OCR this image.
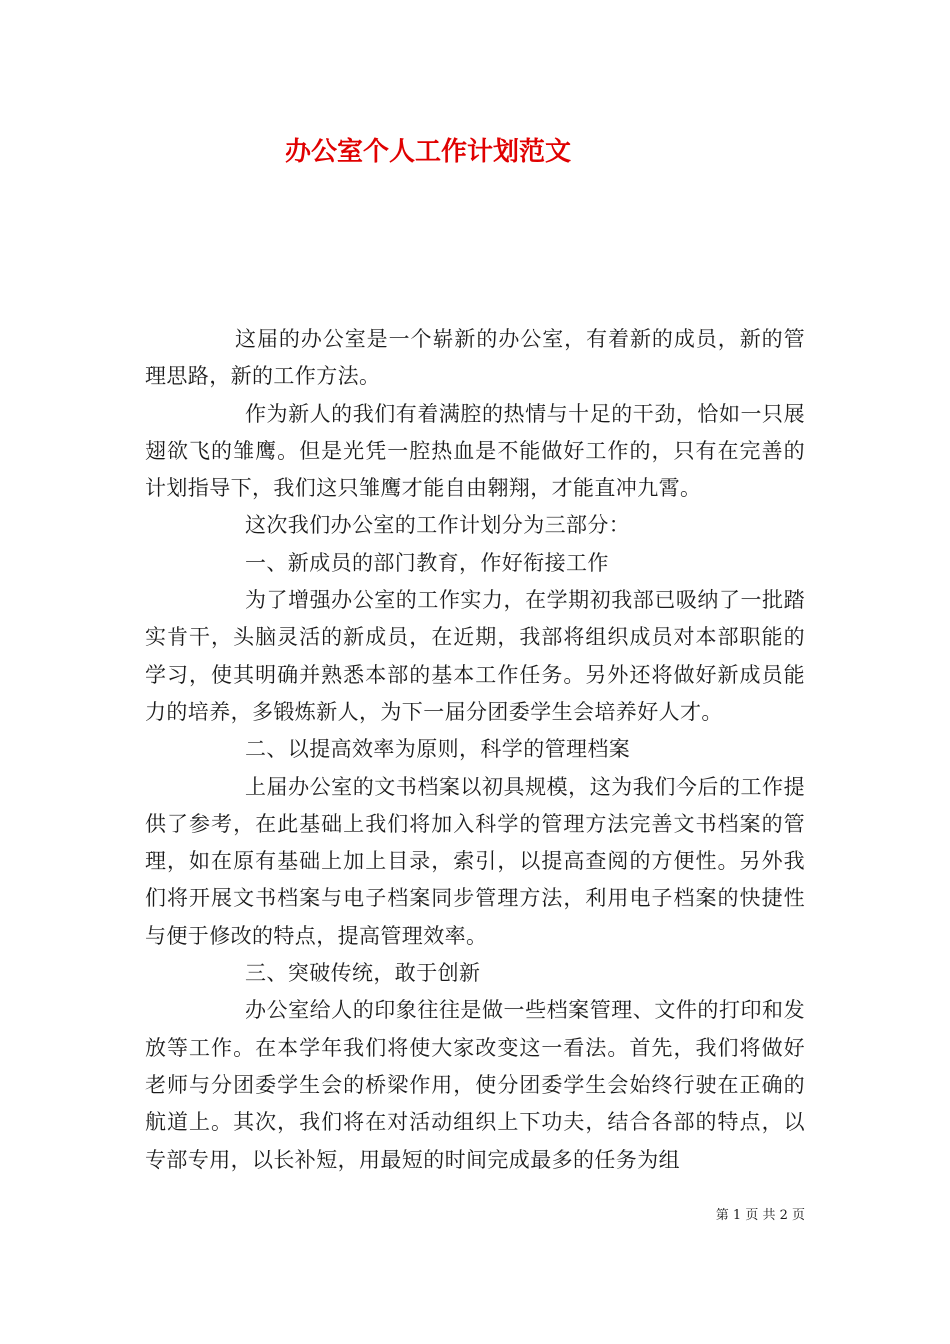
办公室个人工作计划范文

这届的办公室是一个崭新的办公室，有着新的成员，新的管理思路，新的工作方法。

作为新人的我们有着满腔的热情与十足的干劲，恰如一只展翅欲飞的雏鹰。但是光凭一腔热血是不能做好工作的，只有在完善的计划指导下，我们这只雏鹰才能自由翱翔，才能直冲九霄。

这次我们办公室的工作计划分为三部分：

一、新成员的部门教育，作好衔接工作

为了增强办公室的工作实力，在学期初我部已吸纳了一批踏实肯干，头脑灵活的新成员，在近期，我部将组织成员对本部职能的学习，使其明确并熟悉本部的基本工作任务。另外还将做好新成员能力的培养，多锻炼新人，为下一届分团委学生会培养好人才。

二、以提高效率为原则，科学的管理档案

上届办公室的文书档案以初具规模，这为我们今后的工作提供了参考，在此基础上我们将加入科学的管理方法完善文书档案的管理，如在原有基础上加上目录，索引，以提高查阅的方便性。另外我们将开展文书档案与电子档案同步管理方法，利用电子档案的快捷性与便于修改的特点，提高管理效率。

三、突破传统，敢于创新

办公室给人的印象往往是做一些档案管理、文件的打印和发放等工作。在本学年我们将使大家改变这一看法。首先，我们将做好老师与分团委学生会的桥梁作用，使分团委学生会始终行驶在正确的航道上。其次，我们将在对活动组织上下功夫，结合各部的特点，以专部专用，以长补短，用最短的时间完成最多的任务为组

第 1 页 共 2 页
